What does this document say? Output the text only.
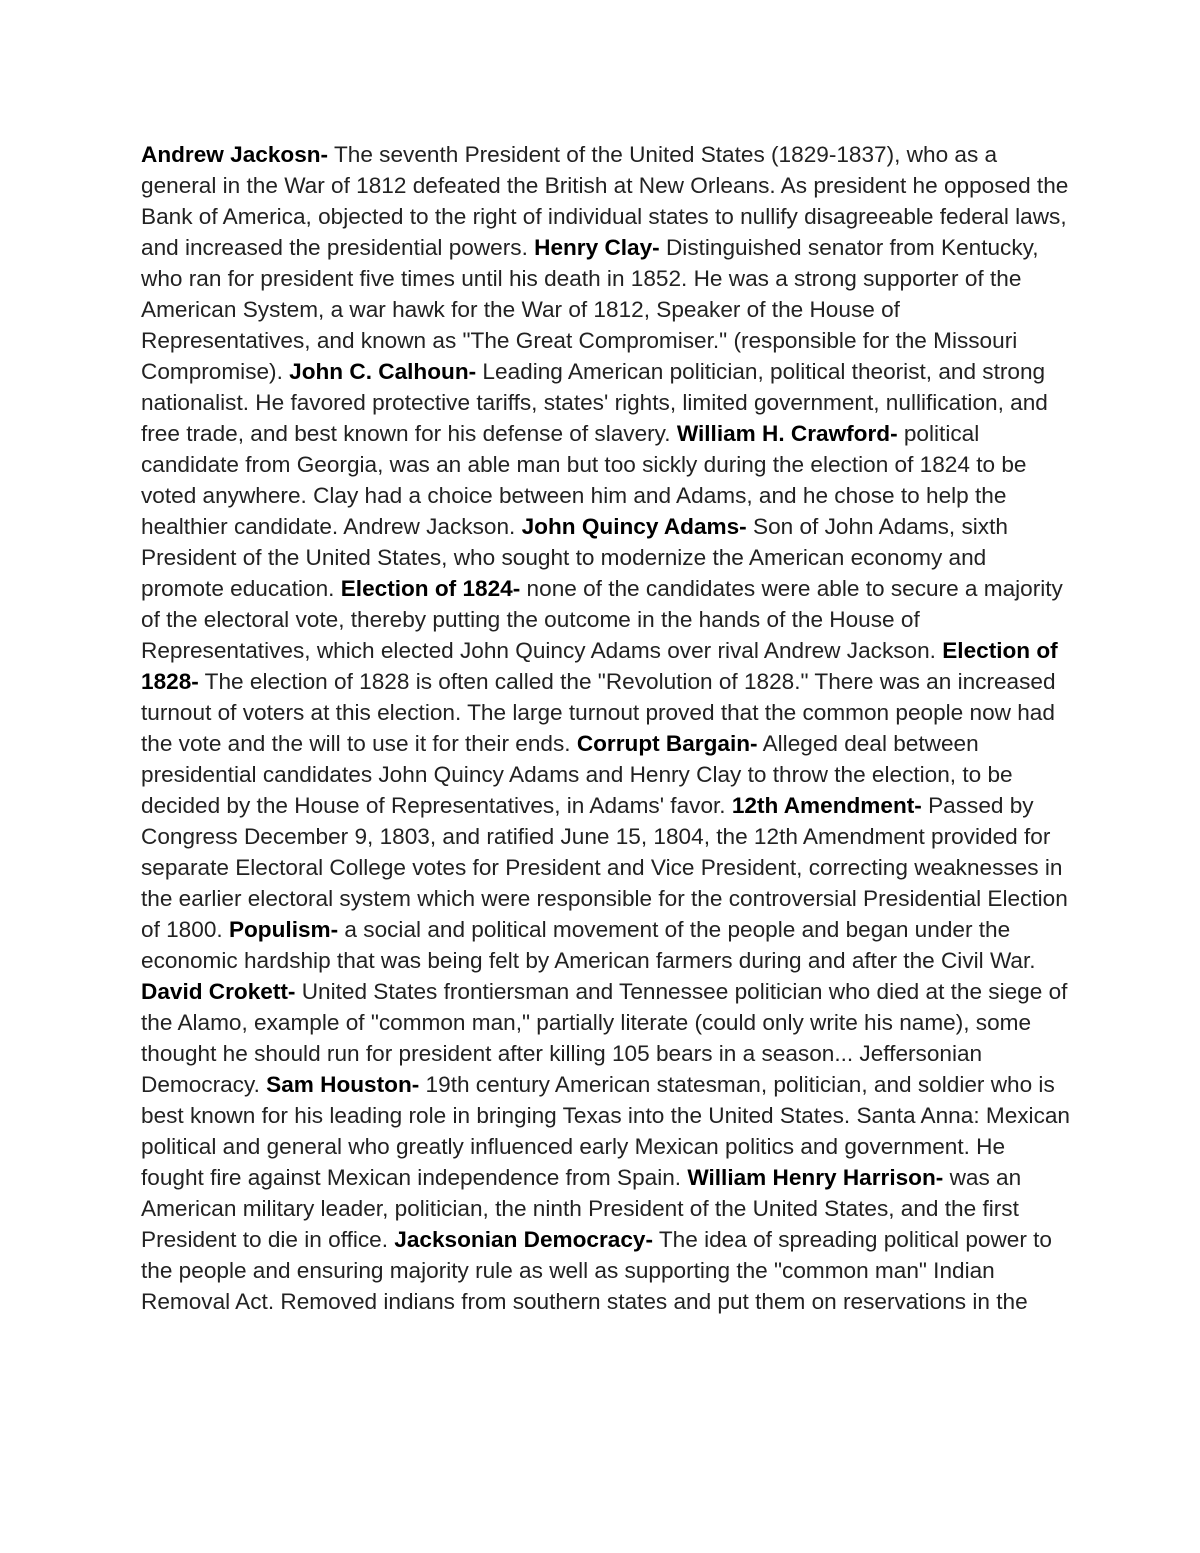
Andrew Jackosn- The seventh President of the United States (1829-1837), who as a general in the War of 1812 defeated the British at New Orleans. As president he opposed the Bank of America, objected to the right of individual states to nullify disagreeable federal laws, and increased the presidential powers. Henry Clay- Distinguished senator from Kentucky, who ran for president five times until his death in 1852. He was a strong supporter of the American System, a war hawk for the War of 1812, Speaker of the House of Representatives, and known as "The Great Compromiser." (responsible for the Missouri Compromise). John C. Calhoun- Leading American politician, political theorist, and strong nationalist. He favored protective tariffs, states' rights, limited government, nullification, and free trade, and best known for his defense of slavery. William H. Crawford- political candidate from Georgia, was an able man but too sickly during the election of 1824 to be voted anywhere. Clay had a choice between him and Adams, and he chose to help the healthier candidate. Andrew Jackson. John Quincy Adams- Son of John Adams, sixth President of the United States, who sought to modernize the American economy and promote education. Election of 1824- none of the candidates were able to secure a majority of the electoral vote, thereby putting the outcome in the hands of the House of Representatives, which elected John Quincy Adams over rival Andrew Jackson. Election of 1828- The election of 1828 is often called the "Revolution of 1828." There was an increased turnout of voters at this election. The large turnout proved that the common people now had the vote and the will to use it for their ends. Corrupt Bargain- Alleged deal between presidential candidates John Quincy Adams and Henry Clay to throw the election, to be decided by the House of Representatives, in Adams' favor. 12th Amendment- Passed by Congress December 9, 1803, and ratified June 15, 1804, the 12th Amendment provided for separate Electoral College votes for President and Vice President, correcting weaknesses in the earlier electoral system which were responsible for the controversial Presidential Election of 1800. Populism- a social and political movement of the people and began under the economic hardship that was being felt by American farmers during and after the Civil War. David Crokett- United States frontiersman and Tennessee politician who died at the siege of the Alamo, example of "common man," partially literate (could only write his name), some thought he should run for president after killing 105 bears in a season... Jeffersonian Democracy. Sam Houston- 19th century American statesman, politician, and soldier who is best known for his leading role in bringing Texas into the United States. Santa Anna: Mexican political and general who greatly influenced early Mexican politics and government. He fought fire against Mexican independence from Spain. William Henry Harrison- was an American military leader, politician, the ninth President of the United States, and the first President to die in office. Jacksonian Democracy- The idea of spreading political power to the people and ensuring majority rule as well as supporting the "common man" Indian Removal Act. Removed indians from southern states and put them on reservations in the
